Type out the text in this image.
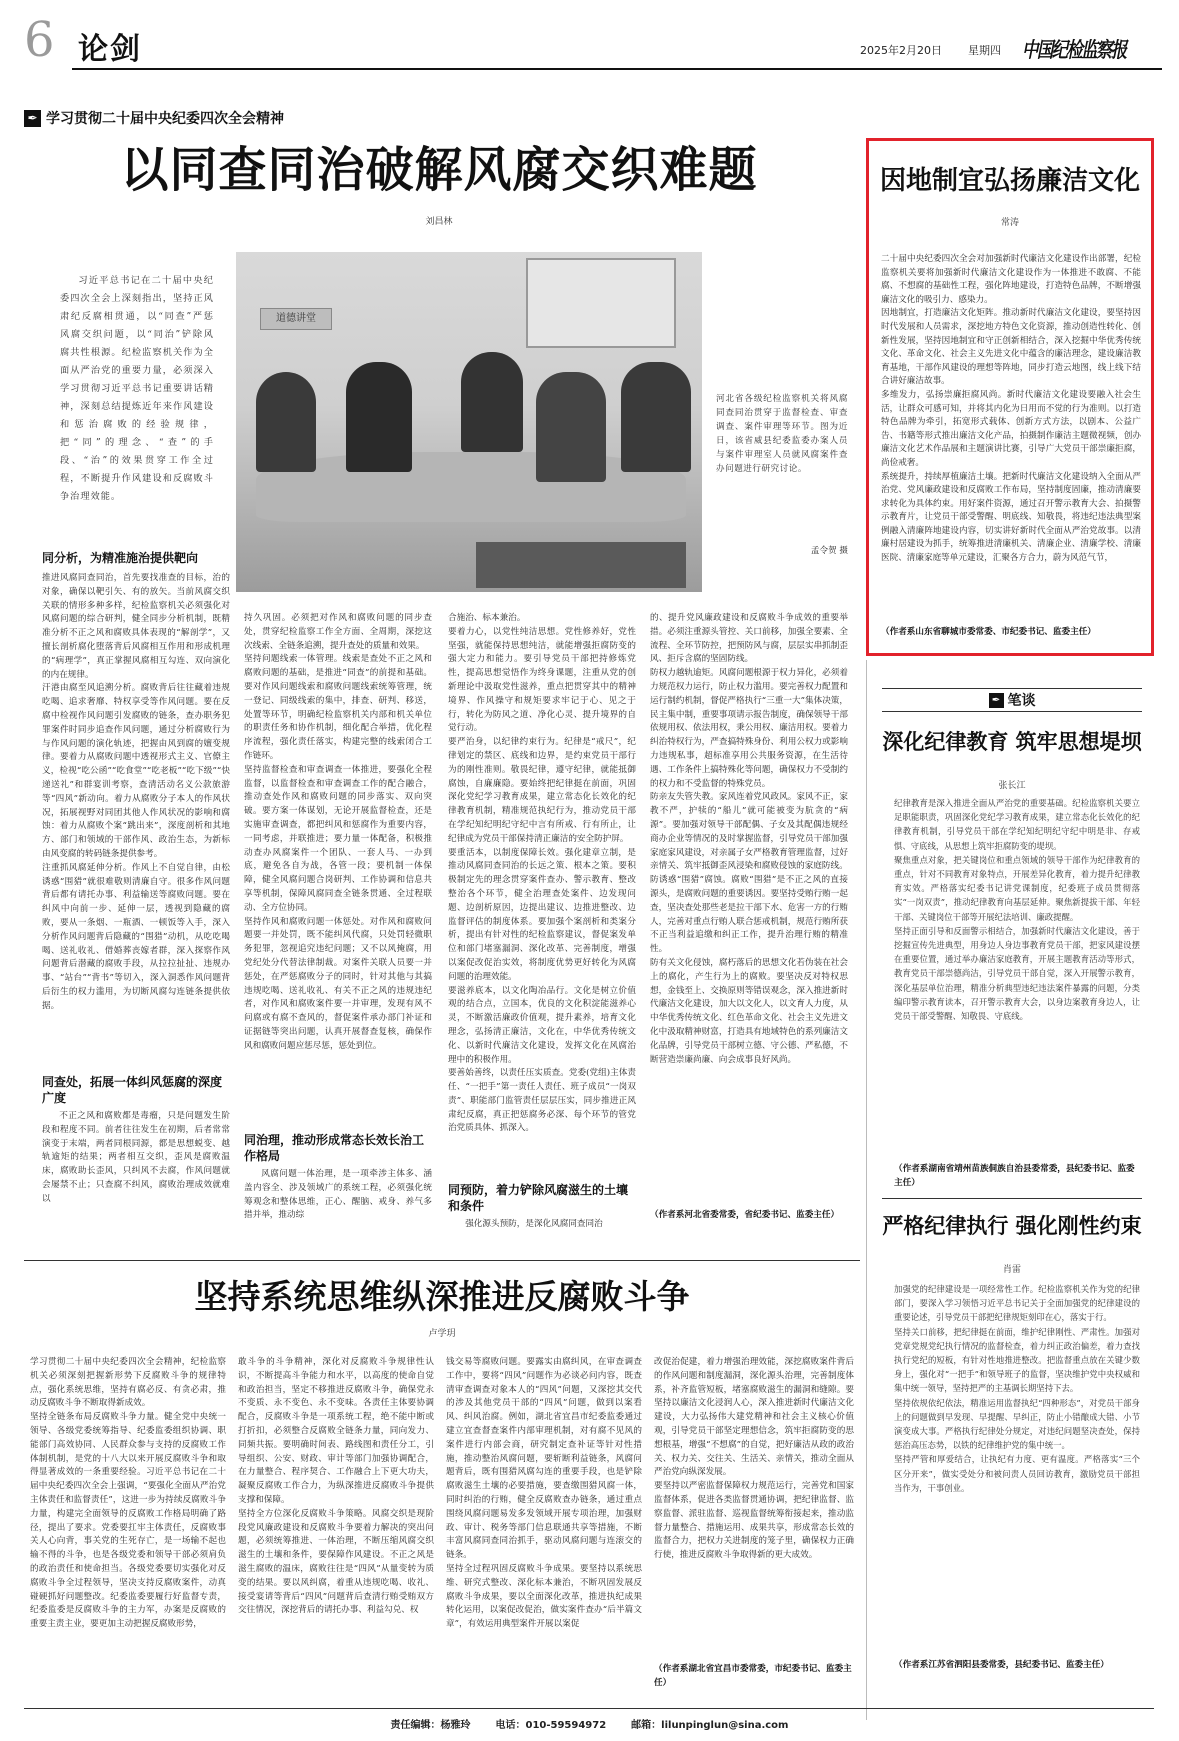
6 论剑	2025年2月20日 星期四 中国纪检监察报
✒ 学习贯彻二十届中央纪委四次全会精神
以同查同治破解风腐交织难题
刘昌林
习近平总书记在二十届中央纪委四次全会上深刻指出，坚持正风肃纪反腐相贯通，以“同查”严惩风腐交织问题，以“同治”铲除风腐共性根源。纪检监察机关作为全面从严治党的重要力量，必须深入学习贯彻习近平总书记重要讲话精神，深刻总结提炼近年来作风建设和惩治腐败的经验规律，把“同”的理念、“查”的手段、“治”的效果贯穿工作全过程，不断提升作风建设和反腐败斗争治理效能。
道德讲堂
河北省各级纪检监察机关将风腐同查同治贯穿于监督检查、审查调查、案件审理等环节。图为近日，该省威县纪委监委办案人员与案件审理室人员就风腐案件查办问题进行研究讨论。
孟令贺 摄
同分析，为精准施治提供靶向
推进风腐同查同治，首先要找准查的目标，治的对象，确保以靶引矢、有的放矢。当前风腐交织关联的情形多种多样，纪检监察机关必须强化对风腐问题的综合研判，健全同步分析机制，既精准分析不正之风和腐败具体表现的“解剖学”，又擅长剖析腐化堕落背后风腐相互作用和形成机理的“病理学”，真正掌握风腐相互勾连、双向演化的内在规律。
汗港由腐至风追溯分析。腐败背后往往藏着违规吃喝、追求奢靡、特权享受等作风问题。要在反腐中检视作风问题引发腐败的链条，查办职务犯罪案件时同步追查作风问题，通过分析腐败行为与作风问题的演化轨迹，把握由风到腐的嬗变规律。要着力从腐败问题中透视形式主义、官僚主义，检视“吃公函”“吃食堂”“吃老板”“吃下级”“快递送礼”和群宴训考察，查清活动名义公款旅游等“四风”新动向。着力从腐败分子本人的作风状况，拓展视野对同团其他人作风状况的影响和腐蚀：着力从腐败个案“跳出来”，深度剖析和其地方、部门和领域的干部作风、政治生态，为新标由风变腐的转码链条提供参考。
注重抓风腐延伸分析。作风上不自觉自律，由松诱惑“围猎”就很难敬则清廉自守。很多作风问题背后都有请托办事、利益输送等腐败问题。要在纠风中向前一步、延伸一层，透视到隐藏的腐败，要从一条烟、一瓶酒、一顿饭等入手，深入分析作风问题背后隐藏的“围猎”动机，从吃吃喝喝、送礼收礼、借婚葬丧嫁者群，深入探察作风问题背后潜藏的腐败手段，从拉拉扯扯、违规办事、“站台”“背书”等切入，深入洞悉作风问题背后衍生的权力滥用，为切断风腐勾连链条提供依据。
同查处，拓展一体纠风惩腐的深度广度
不正之风和腐败都是毒瘤，只是问题发生阶段和程度不同。前者往往发生在初期，后者常常演变于末端，两者同根同源，都是思想蜕变、越轨逾矩的结果；两者相互交织，歪风是腐败温床，腐败助长歪风，只纠风不去腐，作风问题就会屡禁不止；只查腐不纠风，腐败治理成效就难以
持久巩固。必须把对作风和腐败问题的同步查处，贯穿纪检监察工作全方面、全周期，深挖这次线索、全链条追溯，提升查处的质量和效果。
坚持问题线索一体管理。线索是查处不正之风和腐败问题的基础，是推进“同查”的前提和基础。要对作风问题线索和腐败问题线索统筹管理，统一登记、同级线索的集中，排查、研判、移送，处置等环节，明确纪检监察机关内部和机关单位的职责任务和协作机制，细化配合举措，优化程序流程，强化责任落实，构建完整的线索闭合工作链环。
坚持监督检查和审查调查一体推进，要强化全程监督，以监督检查和审查调查工作的配合融合，推动查处作风和腐败问题的同步落实、双向突破。要方案一体谋划，无论开展监督检查，还是实施审查调查，都把纠风和惩腐作为重要内容，一同考虑，并联推进；要力量一体配备，积极推动查办风腐案件一个团队、一套人马、一办到底，避免各自为战，各管一段；要机制一体保障，健全风腐问题合岗研判、工作协调和信息共享等机制，保障风腐同查全链条贯通、全过程联动、全方位协同。
坚持作风和腐败问题一体惩处。对作风和腐败问题要一并处罚，既不能纠风代腐，只处罚轻微职务犯罪，忽视追究违纪问题；又不以风掩腐，用党纪处分代替法律制裁。对案件关联人员要一并惩处，在严惩腐败分子的同时，针对其他与其搞违规吃喝、送礼收礼、有关不正之风的违规违纪者，对作风和腐败案件要一并审理，发现有风不问腐或有腐不查风的，督促案件承办部门补证和证据链等突出问题，认真开展督查复核，确保作风和腐败问题应惩尽惩，惩处到位。
同治理，推动形成常态长效长治工作格局
风腐问题一体治理，是一项牵涉主体多、涵盖内容全、涉及领域广的系统工程，必须强化统筹观念和整体思维，正心、醒脑、戒身、养气多措并举，推动综
合施治、标本兼治。
要着力心，以党性纯洁思想。党性修养好，党性坚强，就能保持思想纯洁，就能增强拒腐防变的强大定力和能力。要引导党员干部把持修炼党性，提高思想觉悟作为终身课题，注重从党的创新理论中汲取党性滋养，重点把贯穿其中的精神境界、作风操守和规矩要求牢记于心、见之于行，转化为防风之道、净化心灵、提升境界的自觉行动。
要严治身，以纪律约束行为。纪律是“戒尺”，纪律划定的禁区、底线和边界，是约束党员干部行为的刚性准则。敬畏纪律，遵守纪律，就能抵御腐蚀，自廉廉隐。要始终把纪律挺在前面，巩固深化党纪学习教育成果，建立常态化长效化的纪律教育机制，精准规范执纪行为，推动党员干部在学纪知纪明纪守纪中言有所戒、行有所止，让纪律成为党员干部保持清正廉洁的安全防护屏。
要重活本，以制度保障长效。强化建章立制，是推动风腐同查同治的长远之策、根本之策。要积极制定先的理念贯穿案件查办、警示教育、整改整治各个环节，健全治理查处案件、边发现问题、边剖析原因，边提出建议、边推进整改、边监督评估的制度体系。要加强个案剖析和类案分析，提出有针对性的纪检监察建议，督促案发单位和部门堵塞漏洞、深化改革、完善制度，增强以案促改促治实效，将制度优势更好转化为风腐问题的治理效能。
要滋养底本，以文化陶冶品行。文化是树立价值观的结合点，立国本，优良的文化积淀能滋养心灵，不断激活廉政价值观，提升素养，培育文化理念，弘扬清正廉洁，文化在，中华优秀传统文化、以新时代廉洁文化建设，发挥文化在风腐治理中的积极作用。
要善始善终，以责任压实质查。党委(党组)主体责任、“一把手”第一责任人责任、班子成员“一岗双责”、职能部门监管责任层层压实，同步推进正风肃纪反腐，真正把惩腐务必深、每个环节的管党治党质具体、抓深入。
同预防，着力铲除风腐滋生的土壤和条件
强化源头预防，是深化风腐同查同治
的、提升党风廉政建设和反腐败斗争成效的重要举措。必须注重源头管控、关口前移，加强全要素、全流程、全环节防控，把预防风与腐，层层实串抓制歪风、拒斥含腐的坚固防线。
防权力越轨逾矩。风腐问题根源于权力异化，必须着力规范权力运行，防止权力滥用。要完善权力配置和运行制约机制，督促严格执行“三重一大”集体决策，民主集中制，重要事项请示报告制度，确保领导干部依规用权、依法用权，秉公用权、廉洁用权。要着力纠治特权行为，严查搞特殊身份、利用公权力或影响力违规私事，超标准享用公共服务资源，在生活待遇、工作条件上搞特殊化等问题，确保权力不受制约的权力和不受监督的特殊党员。
防亲友失管失教。家风连着党风政风。家风不正，家教不严，护犊的“船儿”就可能被变为肮贪的“病源”。要加强对领导干部配偶、子女及其配偶违规经商办企业等情况的及时掌握监督，引导党员干部加强家庭家风建设，对亲属子女严格教育管理监督，过好亲情关、筑牢抵御歪风浸染和腐败侵蚀的家庭防线。
防诱惑“围猎”腐蚀。腐败“围猎”是不正之风的直接源头，是腐败问题的重要诱因。要坚持受贿行贿一起查，坚决查处那些老是拉干部下水、危害一方的行贿人，完善对重点行贿人联合惩戒机制，规范行贿所获不正当利益追缴和纠正工作，提升治理行贿的精准性。
防有关文化侵蚀，腐朽落后的思想文化若伪装在社会上的腐化，产生行为上的腐败。要坚决反对特权思想，金钱至上、交换原则等错误观念，深入推进新时代廉洁文化建设，加大以文化人，以文育人力度，从中华优秀传统文化、红色革命文化、社会主义先进文化中汲取精神财富，打造具有地域特色的系列廉洁文化品牌，引导党员干部树立德、守公德、严私德，不断营造崇廉尚廉、向会成事良好风尚。
（作者系河北省委常委，省纪委书记、监委主任）
因地制宜弘扬廉洁文化
常涛
二十届中央纪委四次全会对加强新时代廉洁文化建设作出部署，纪检监察机关要将加强新时代廉洁文化建设作为一体推进不敢腐、不能腐、不想腐的基础性工程，强化阵地建设，打造特色品牌，不断增强廉洁文化的吸引力、感染力。
因地制宜，打造廉洁文化矩阵。推动新时代廉洁文化建设，要坚持因时代发展和人员需求，深挖地方特色文化资源，推动创造性转化、创新性发展，坚持因地制宜和守正创新相结合，深入挖掘中华优秀传统文化、革命文化、社会主义先进文化中蕴含的廉洁理念，建设廉洁教育基地，干部作风建设的理想等阵地，同步打造云地图，线上线下结合讲好廉洁故事。
多维发力，弘扬崇廉拒腐风尚。新时代廉洁文化建设要融入社会生活，让群众可感可知，并将其内化为日用而不觉的行为准则。以打造特色品牌为牵引，拓宽形式载体、创新方式方法，以剧本、公益广告、书籍等形式推出廉洁文化产品，拍摄制作廉洁主题微视频，创办廉洁文化艺术作品展和主题演讲比赛，引导广大党员干部崇廉拒腐，尚俭戒奢。
系统提升，持续厚植廉洁土壤。把新时代廉洁文化建设纳入全面从严治党、党风廉政建设和反腐败工作布局，坚持制度固廉，推动清廉要求转化为具体约束。用好案件资源，通过召开警示教育大会、拍摄警示教育片，让党员干部受警醒、明底线、知敬畏，将违纪违法典型案例融入清廉阵地建设内容，切实讲好新时代全面从严治党故事。以清廉村居建设为抓手，统筹推进清廉机关、清廉企业、清廉学校、清廉医院、清廉家庭等单元建设，汇聚各方合力，蔚为风范气节，
（作者系山东省聊城市委常委、市纪委书记、监委主任）
✒ 笔谈
深化纪律教育 筑牢思想堤坝
张长江
纪律教育是深入推进全面从严治党的重要基础。纪检监察机关要立足职能职责，巩固深化党纪学习教育成果，建立常态化长效化的纪律教育机制，引导党员干部在学纪知纪明纪守纪中明是非、存戒惧、守底线，从思想上筑牢拒腐防变的堤坝。
聚焦重点对象，把关键岗位和重点领域的领导干部作为纪律教育的重点，针对不同教育对象特点，开展差异化教育，着力提升纪律教育实效。严格落实纪委书记讲党课制度，纪委班子成员贯彻落实“一岗双责”，推动纪律教育向基层延伸。聚焦新提拔干部、年轻干部、关键岗位干部等开展纪法培训、廉政提醒。
坚持正面引导和反面警示相结合，加强新时代廉洁文化建设，善于挖掘宣传先进典型，用身边人身边事教育党员干部，把家风建设摆在重要位置，通过举办廉洁家庭教育，开展主题教育活动等形式，教育党员干部崇德尚洁，引导党员干部自觉，深入开展警示教育，深化基层单位治理，精准分析典型违纪违法案件暴露的问题，分类编印警示教育读本，召开警示教育大会，以身边案教育身边人，让党员干部受警醒、知敬畏、守底线。
（作者系湖南省靖州苗族侗族自治县委常委，县纪委书记、监委主任）
严格纪律执行 强化刚性约束
肖雷
加强党的纪律建设是一项经常性工作。纪检监察机关作为党的纪律部门，要深入学习领悟习近平总书记关于全面加强党的纪律建设的重要论述，引导党员干部把纪律规矩刻印在心，落实于行。
坚持关口前移，把纪律挺在前面，维护纪律刚性、严肃性。加强对党章党规党纪执行情况的监督检查，着力纠正政治偏差，着力查找执行党纪的短板，有针对性地推进整改。把监督重点放在关键少数身上，强化对“一把手”和领导班子的监督，坚决维护党中央权威和集中统一领导，坚持把严的主基调长期坚持下去。
坚持依规依纪依法，精准运用监督执纪“四种形态”，对党员干部身上的问题做到早发现、早提醒、早纠正，防止小错酿成大错、小节演变成大事。严格执行纪律处分规定，对违纪问题坚决查处，保持惩治高压态势，以铁的纪律维护党的集中统一。
坚持严管和厚爱结合，让执纪有力度、更有温度。严格落实“三个区分开来”，做实受处分和被问责人员回访教育，激励党员干部担当作为，干事创业。
（作者系江苏省泗阳县委常委，县纪委书记、监委主任）
坚持系统思维纵深推进反腐败斗争
卢学玥
学习贯彻二十届中央纪委四次全会精神，纪检监察机关必须深刻把握新形势下反腐败斗争的规律特点，强化系统思维，坚持有腐必反、有贪必肃，推动反腐败斗争不断取得新成效。
坚持全链条布局反腐败斗争力量。健全党中央统一领导、各级党委统筹指导、纪委监委组织协调、职能部门高效协同、人民群众参与支持的反腐败工作体制机制，是党的十八大以来开展反腐败斗争和取得显著成效的一条重要经验。习近平总书记在二十届中央纪委四次全会上强调，“要强化全面从严治党主体责任和监督责任”，这进一步为持续反腐败斗争力量，构建完全面领导的反腐败工作格局明确了路径，提出了要求。党委要扛牢主体责任，反腐败事关人心向背，事关党的生死存亡，是一场输不起也输不得的斗争，也是各级党委和领导干部必须肩负的政治责任和使命担当。各级党委要切实强化对反腐败斗争全过程领导，坚决支持反腐败案件，动真碰硬抓好问题整改。纪委监委要履行好监督专责，纪委监委是反腐败斗争的主力军，办案是反腐败的重要主责主业，要更加主动把握反腐败形势，
敢斗争的斗争精神，深化对反腐败斗争规律性认识，不断提高斗争能力和水平，以高度的使命自觉和政治担当，坚定不移推进反腐败斗争，确保党永不变质、永不变色、永不变味。各责任主体要协调配合，反腐败斗争是一项系统工程，绝不能中断或打折扣，必须整合反腐败全链条力量，同向发力、同频共振。要明确时间表、路线图和责任分工，引导组织、公安、财政、审计等部门加强协调配合，在力量整合、程序契合、工作融合上下更大功夫，凝聚反腐败工作合力，为纵深推进反腐败斗争提供支撑和保障。
坚持全方位深化反腐败斗争策略。风腐交织是现阶段党风廉政建设和反腐败斗争要着力解决的突出问题，必须统筹推进、一体治理，不断压缩风腐交织滋生的土壤和条件，要保障作风建设。不正之风是滋生腐败的温床，腐败往往是“四风”从量变转为质变的结果。要以风纠腐，着重从违规吃喝、收礼、接受宴请等背后“四风”问题背后查清行贿受贿双方交往情况，深挖背后的请托办事、利益勾兑、权
钱交易等腐败问题。要露实由腐纠风，在审查调查工作中，要将“四风”问题作为必谈必问内容，既查清审查调查对象本人的“四风”问题，又深挖其交代的涉及其他党员干部的“四风”问题，做到以案看风、纠风治腐。例如，湖北省宜昌市纪委监委通过建立宜查督查案件内部审理机制，对有腐不见风的案件进行内部会商，研究制定查补证等针对性措施，推动整治风腐问题，要斩断利益链条，风腐问题背后，既有围猎风腐勾连的重要手段，也是铲除腐败滋生土壤的必要措施，要查缴围猎风腐一体，同时纠治的行贿，健全反腐败查办链条，通过重点围绕风腐问题易发多发领域开展专项治理，加强财政、审计、税务等部门信息联通共享等措施，不断丰富风腐同查同治抓手，驱动风腐问题与连滚交的链条。
坚持全过程巩固反腐败斗争成果。要坚持以系统思维、研究式整改、深化标本兼治，不断巩固发展反腐败斗争成果，要以全面深化改革，推进执纪成果转化运用，以案促改促治，做实案件查办“后半篇文章”，有效运用典型案件开展以案促
改促治促建，着力增强治理效能，深挖腐败案件背后的作风问题和制度漏洞，深化源头治理，完善制度体系，补齐监管短板，堵塞腐败滋生的漏洞和缝隙。要坚持以廉洁文化浸润人心，深入推进新时代廉洁文化建设，大力弘扬伟大建党精神和社会主义核心价值观，引导党员干部坚定理想信念，筑牢拒腐防变的思想根基，增强“不想腐”的自觉，把好廉洁从政的政治关、权力关、交往关、生活关、亲情关，推动全面从严治党向纵深发展。
要坚持以严密监督保障权力规范运行，完善党和国家监督体系，促进各类监督贯通协调，把纪律监督、监察监督、派驻监督、巡视监督统筹衔接起来，推动监督力量整合、措施运用、成果共享，形成常态长效的监督合力，把权力关进制度的笼子里，确保权力正确行使，推进反腐败斗争取得新的更大成效。
（作者系湖北省宜昌市委常委，市纪委书记、监委主任）
责任编辑：杨雅玲 电话：010-59594972 邮箱：lilunpinglun@sina.com
